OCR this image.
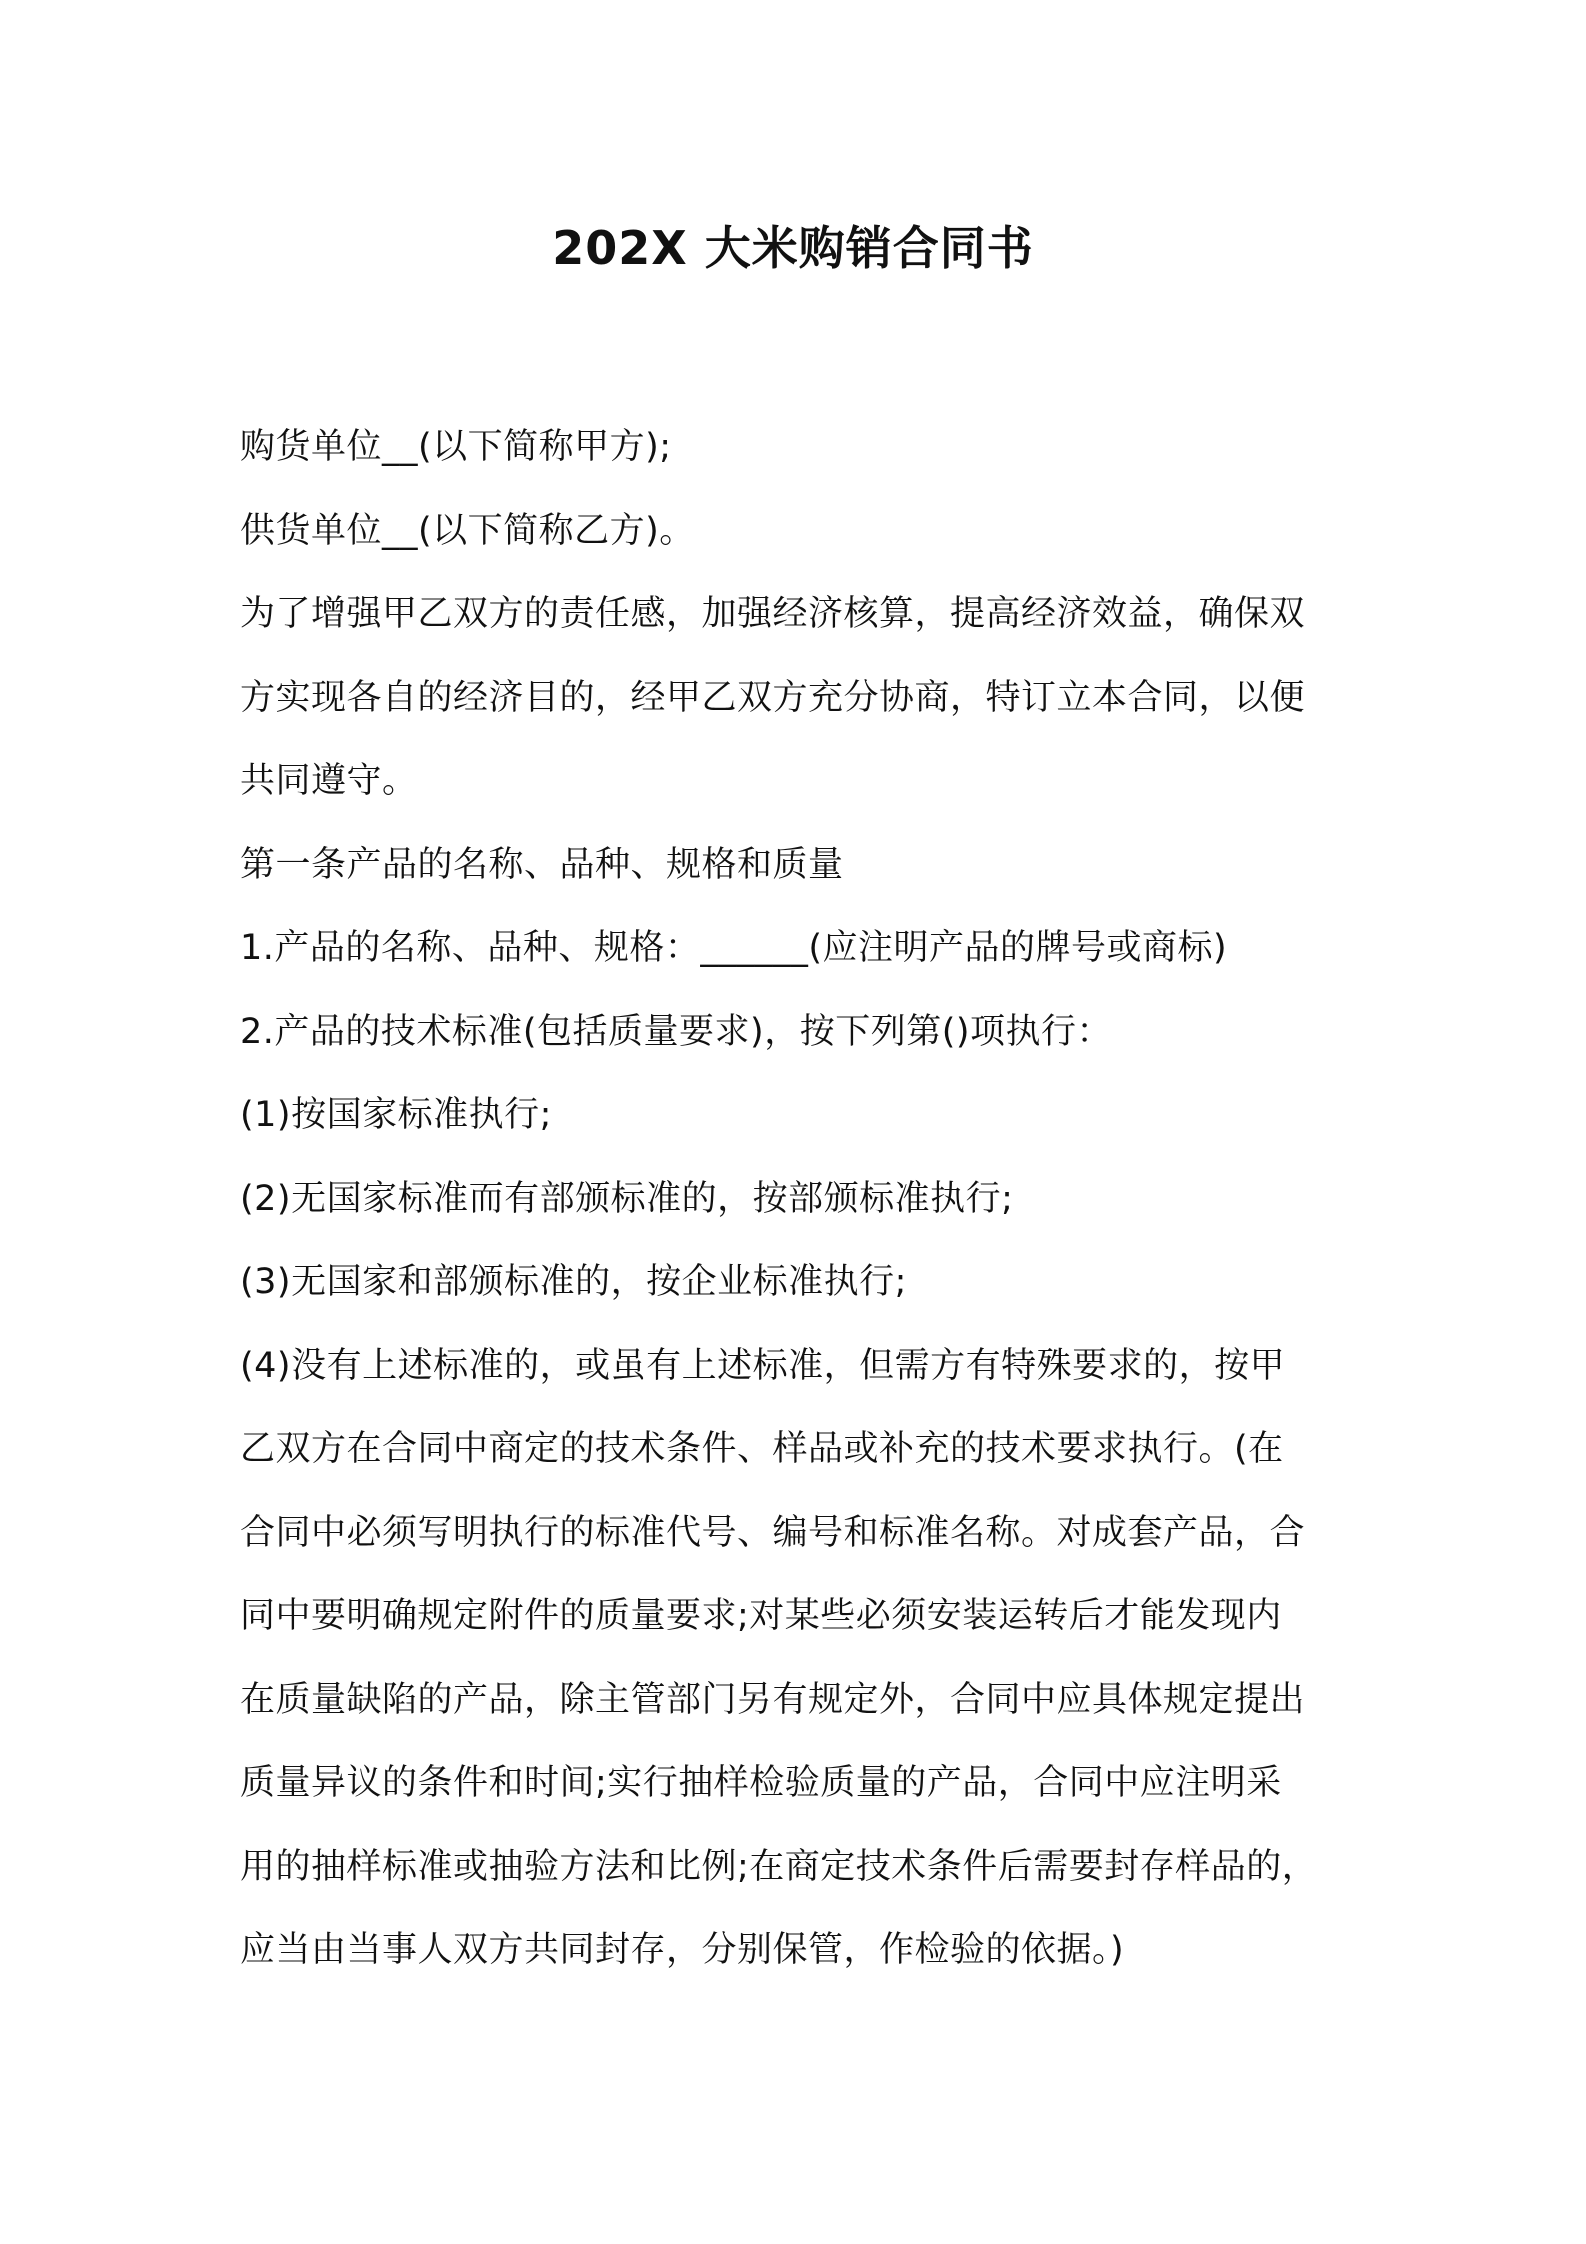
202X 大米购销合同书

购货单位__(以下简称甲方);

供货单位__(以下简称乙方)。

为了增强甲乙双方的责任感，加强经济核算，提高经济效益，确保双

方实现各自的经济目的，经甲乙双方充分协商，特订立本合同，以便

共同遵守。

第一条产品的名称、品种、规格和质量

1.产品的名称、品种、规格：______(应注明产品的牌号或商标)

2.产品的技术标准(包括质量要求)，按下列第()项执行：

(1)按国家标准执行;

(2)无国家标准而有部颁标准的，按部颁标准执行;

(3)无国家和部颁标准的，按企业标准执行;

(4)没有上述标准的，或虽有上述标准，但需方有特殊要求的，按甲

乙双方在合同中商定的技术条件、样品或补充的技术要求执行。(在

合同中必须写明执行的标准代号、编号和标准名称。对成套产品，合

同中要明确规定附件的质量要求;对某些必须安装运转后才能发现内

在质量缺陷的产品，除主管部门另有规定外，合同中应具体规定提出

质量异议的条件和时间;实行抽样检验质量的产品，合同中应注明采

用的抽样标准或抽验方法和比例;在商定技术条件后需要封存样品的，

应当由当事人双方共同封存，分别保管，作检验的依据。)
